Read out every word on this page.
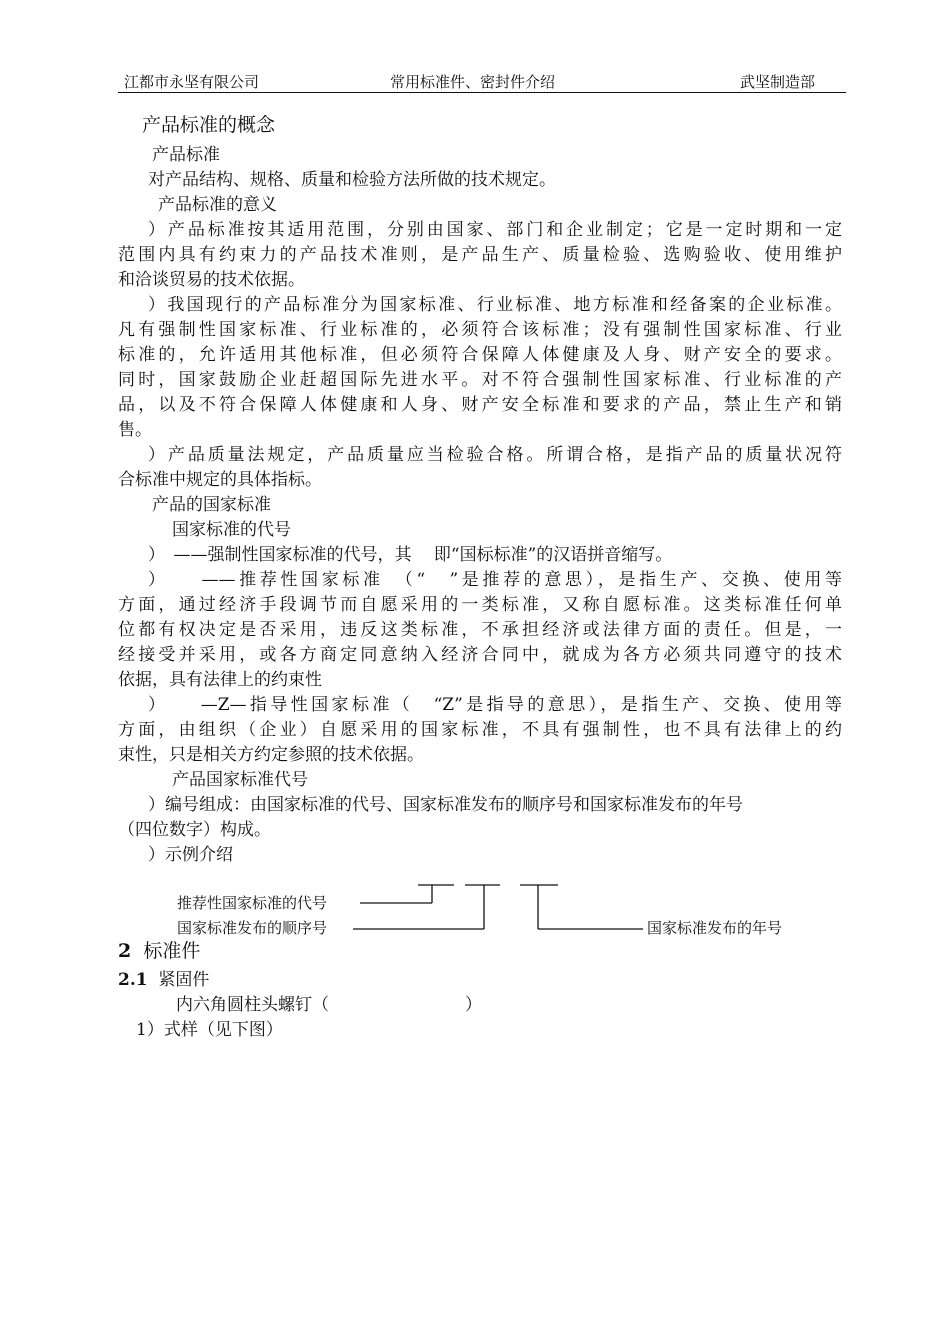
江都市永坚有限公司	常用标准件、密封件介绍	武坚制造部
产品标准的概念
产品标准
对产品结构、规格、质量和检验方法所做的技术规定。
产品标准的意义
）产品标准按其适用范围，分别由国家、部门和企业制定；它是一定时期和一定
范围内具有约束力的产品技术准则，是产品生产、质量检验、选购验收、使用维护
和洽谈贸易的技术依据。
）我国现行的产品标准分为国家标准、行业标准、地方标准和经备案的企业标准。
凡有强制性国家标准、行业标准的，必须符合该标准；没有强制性国家标准、行业
标准的，允许适用其他标准，但必须符合保障人体健康及人身、财产安全的要求。
同时，国家鼓励企业赶超国际先进水平。对不符合强制性国家标准、行业标准的产
品，以及不符合保障人体健康和人身、财产安全标准和要求的产品，禁止生产和销
售。
）产品质量法规定，产品质量应当检验合格。所谓合格，是指产品的质量状况符
合标准中规定的具体指标。
产品的国家标准
国家标准的代号
）　——强制性国家标准的代号，其　 即“国标标准”的汉语拼音缩写。
）　　——推荐性国家标准　（“　”是推荐的意思），是指生产、交换、使用等
方面，通过经济手段调节而自愿采用的一类标准，又称自愿标准。这类标准任何单
位都有权决定是否采用，违反这类标准，不承担经济或法律方面的责任。但是，一
经接受并采用，或各方商定同意纳入经济合同中，就成为各方必须共同遵守的技术
依据，具有法律上的约束性
）　　—Z—指导性国家标准（　“Z”是指导的意思），是指生产、交换、使用等
方面，由组织（企业）自愿采用的国家标准，不具有强制性，也不具有法律上的约
束性，只是相关方约定参照的技术依据。
产品国家标准代号
）编号组成：由国家标准的代号、国家标准发布的顺序号和国家标准发布的年号
（四位数字）构成。
）示例介绍
推荐性国家标准的代号
国家标准发布的顺序号	国家标准发布的年号
2 标准件
2.1 紧固件
内六角圆柱头螺钉（　　　　　　　　）
1）式样（见下图）
